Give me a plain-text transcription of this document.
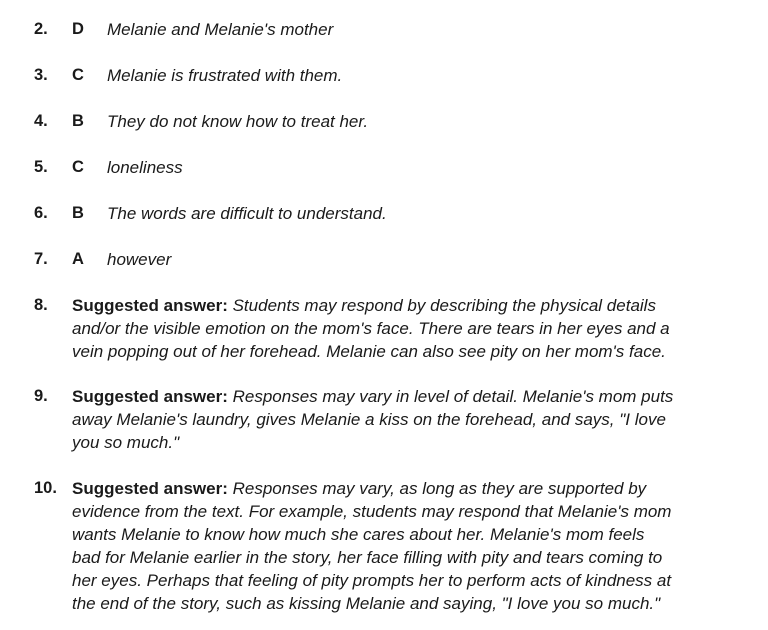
2.	D	Melanie and Melanie's mother
3.	C	Melanie is frustrated with them.
4.	B	They do not know how to treat her.
5.	C	loneliness
6.	B	The words are difficult to understand.
7.	A	however
8.	Suggested answer: Students may respond by describing the physical details
and/or the visible emotion on the mom's face. There are tears in her eyes and a
vein popping out of her forehead. Melanie can also see pity on her mom's face.
9.	Suggested answer: Responses may vary in level of detail. Melanie's mom puts
away Melanie's laundry, gives Melanie a kiss on the forehead, and says, "I love
you so much."
10. Suggested answer: Responses may vary, as long as they are supported by
evidence from the text. For example, students may respond that Melanie's mom
wants Melanie to know how much she cares about her. Melanie's mom feels
bad for Melanie earlier in the story, her face filling with pity and tears coming to
her eyes. Perhaps that feeling of pity prompts her to perform acts of kindness at
the end of the story, such as kissing Melanie and saying, "I love you so much."
